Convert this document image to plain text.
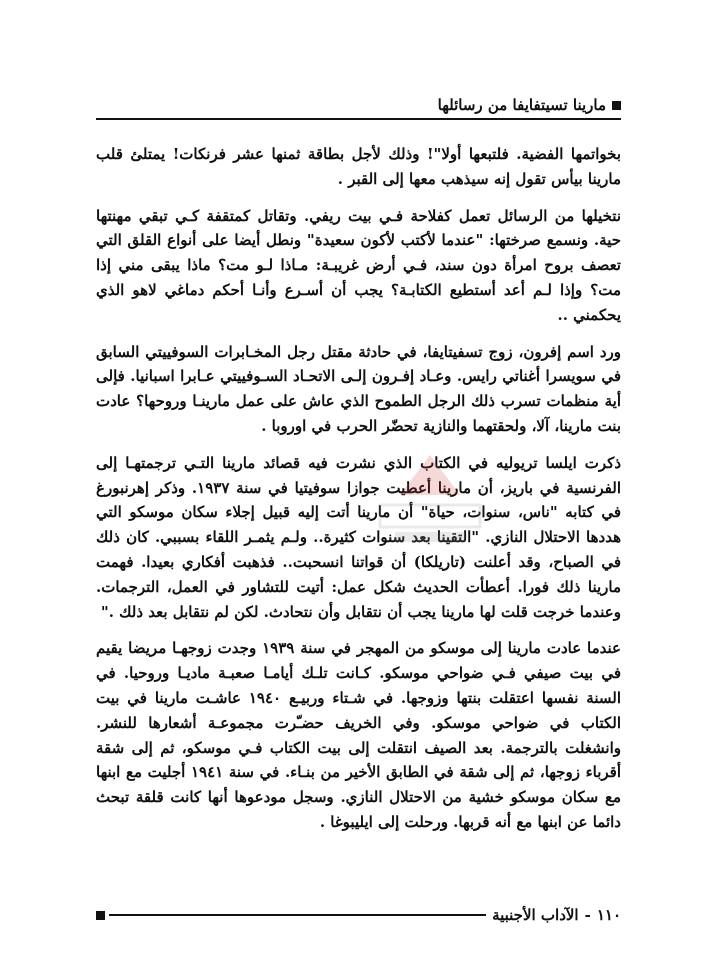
مارينا تسيتفايفا من رسائلها

بخواتمها الفضية. فلتبعها أولا"! وذلك لأجل بطاقة ثمنها عشر فرنكات! يمتلئ قلب مارينا بيأس تقول إنه سيذهب معها إلى القبر .

نتخيلها من الرسائل تعمل كفلاحة فـي بيت ريفي. وتقاتل كمتقفة كـي تبقي مهنتها حية. ونسمع صرختها: "عندما لأكتب لأكون سعيدة" ونطل أيضا على أنواع القلق التي تعصف بروح امرأة دون سند، فـي أرض غريبـة: مـاذا لـو مت؟ ماذا يبقى مني إذا مت؟ وإذا لـم أعد أستطيع الكتابـة؟ يجب أن أسـرع وأنـا أحكم دماغي لاهو الذي يحكمني ..

ورد اسم إفرون، زوج تسفيتايفا، في حادثة مقتل رجل المخـابرات السوفييتي السابق في سويسرا أغناتي رايس. وعـاد إفـرون إلـى الاتحـاد السـوفييتي عـابرا اسبانيا. فإلى أية منظمات تسرب ذلك الرجل الطموح الذي عاش على عمل مارينـا وروحها؟ عادت بنت مارينا، آلا، ولحقتهما والنازية تحضّر الحرب في اوروبا .

ذكرت ايلسا تريوليه في الكتاب الذي نشرت فيه قصائد مارينا التـي ترجمتهـا إلى الفرنسية في باريز، أن مارينا أعطيت جوازا سوفيتيا في سنة ١٩٣٧. وذكر إهرنبورغ في كتابه "ناس، سنوات، حياة" أن مارينا أتت إليه قبيل إجلاء سكان موسكو التي هددها الاحتلال النازي. "التقينا بعد سنوات كثيرة.. ولـم يثمـر اللقاء بسببي. كان ذلك في الصباح، وقد أعلنت (تاريلكا) أن قواتنا انسحبت.. فذهبت أفكاري بعيدا. فهمت مارينا ذلك فورا. أعطأت الحديث شكل عمل: أتيت للتشاور في العمل، الترجمات. وعندما خرجت قلت لها مارينا يجب أن نتقابل وأن نتحادث. لكن لم نتقابل بعد ذلك ."

عندما عادت مارينا إلى موسكو من المهجر في سنة ١٩٣٩ وجدت زوجهـا مريضا يقيم في بيت صيفي فـي ضواحي موسكو. كـانت تلـك أيامـا صعبـة ماديـا وروحيا. في السنة نفسها اعتقلت بنتها وزوجها. في شـتاء وربيـع ١٩٤٠ عاشـت مارينا في بيت الكتاب في ضواحي موسكو. وفي الخريف حضـّرت مجموعـة أشعارها للنشر. وانشغلت بالترجمة. بعد الصيف انتقلت إلى بيت الكتاب فـي موسكو، ثم إلى شقة أقرباء زوجها، ثم إلى شقة في الطابق الأخير من بنـاء. في سنة ١٩٤١ أجليت مع ابنها مع سكان موسكو خشية من الاحتلال النازي. وسجل مودعوها أنها كانت قلقة تبحث دائما عن ابنها مع أنه قربها. ورحلت إلى ايليبوغا .

١١٠
-
الآداب الأجنبية
